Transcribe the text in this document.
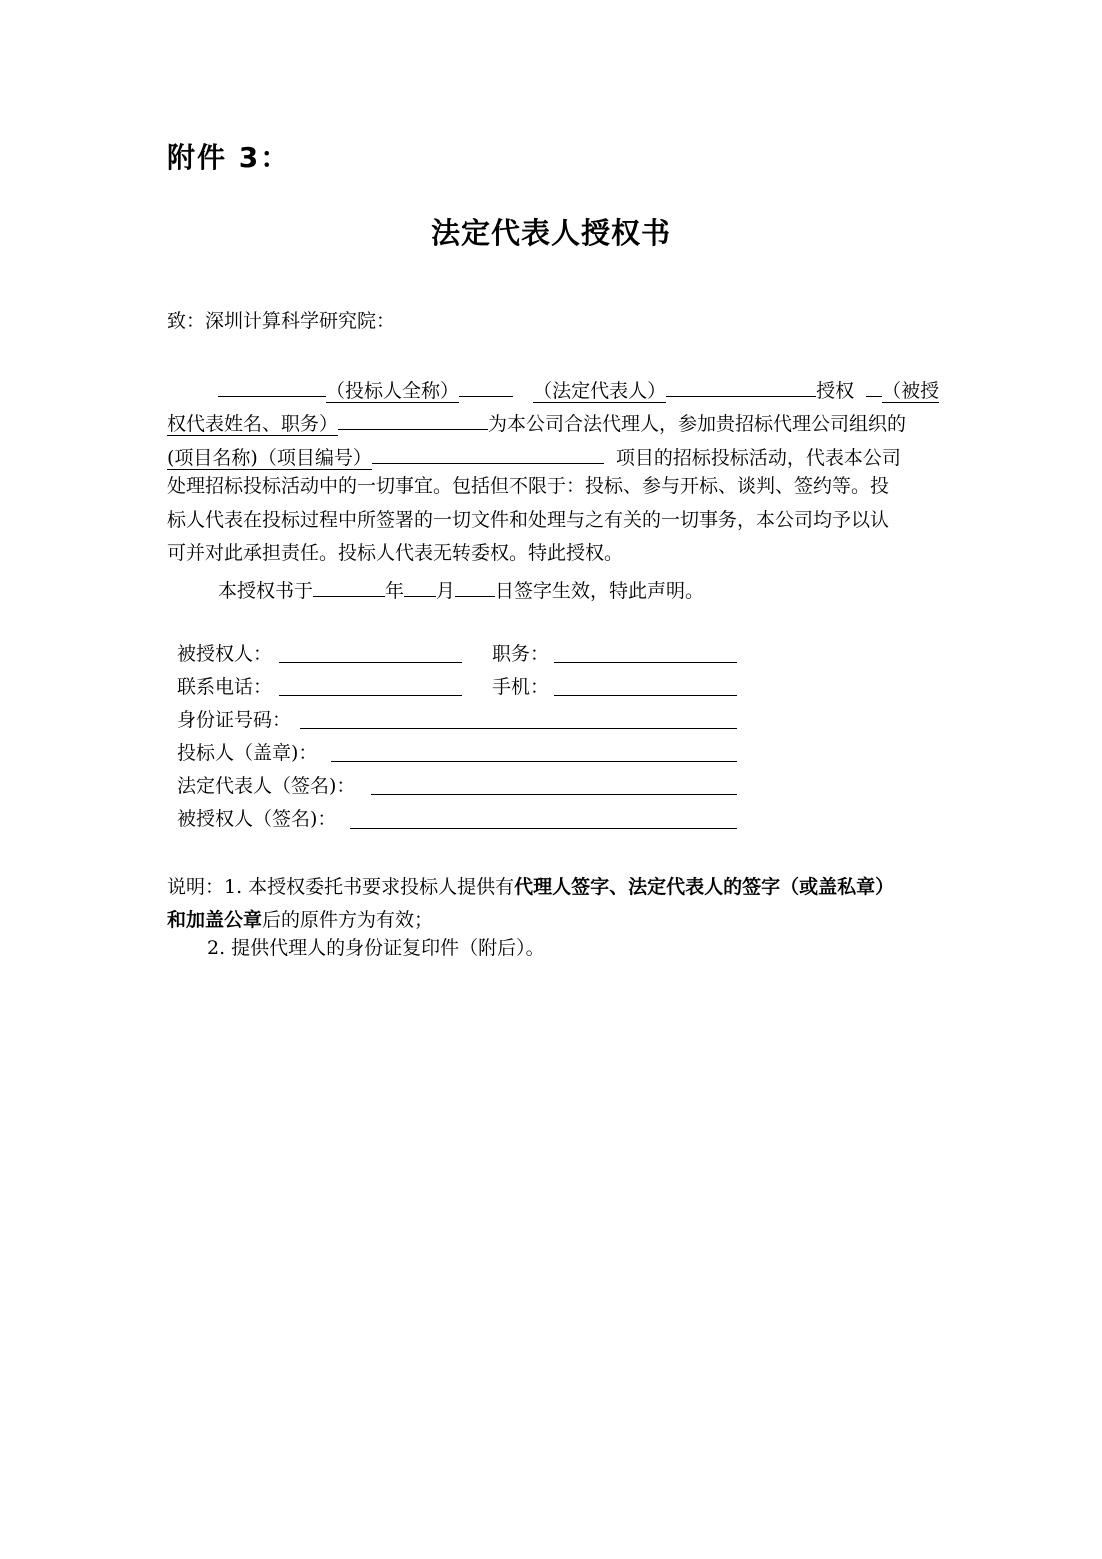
附件 3：
法定代表人授权书
致：深圳计算科学研究院：
（投标人全称）	（法定代表人）	授权 （被授
权代表姓名、职务）	为本公司合法代理人，参加贵招标代理公司组织的
(项目名称)（项目编号）	项目的招标投标活动，代表本公司
处理招标投标活动中的一切事宜。包括但不限于：投标、参与开标、谈判、签约等。投
标人代表在投标过程中所签署的一切文件和处理与之有关的一切事务，本公司均予以认
可并对此承担责任。投标人代表无转委权。特此授权。
本授权书于	年 月 日签字生效，特此声明。
被授权人：	职务：
联系电话：	手机：
身份证号码：
投标人（盖章)：
法定代表人（签名)：
被授权人（签名)：
说明：1. 本授权委托书要求投标人提供有代理人签字、法定代表人的签字（或盖私章）
和加盖公章后的原件方为有效；
2. 提供代理人的身份证复印件（附后）。
